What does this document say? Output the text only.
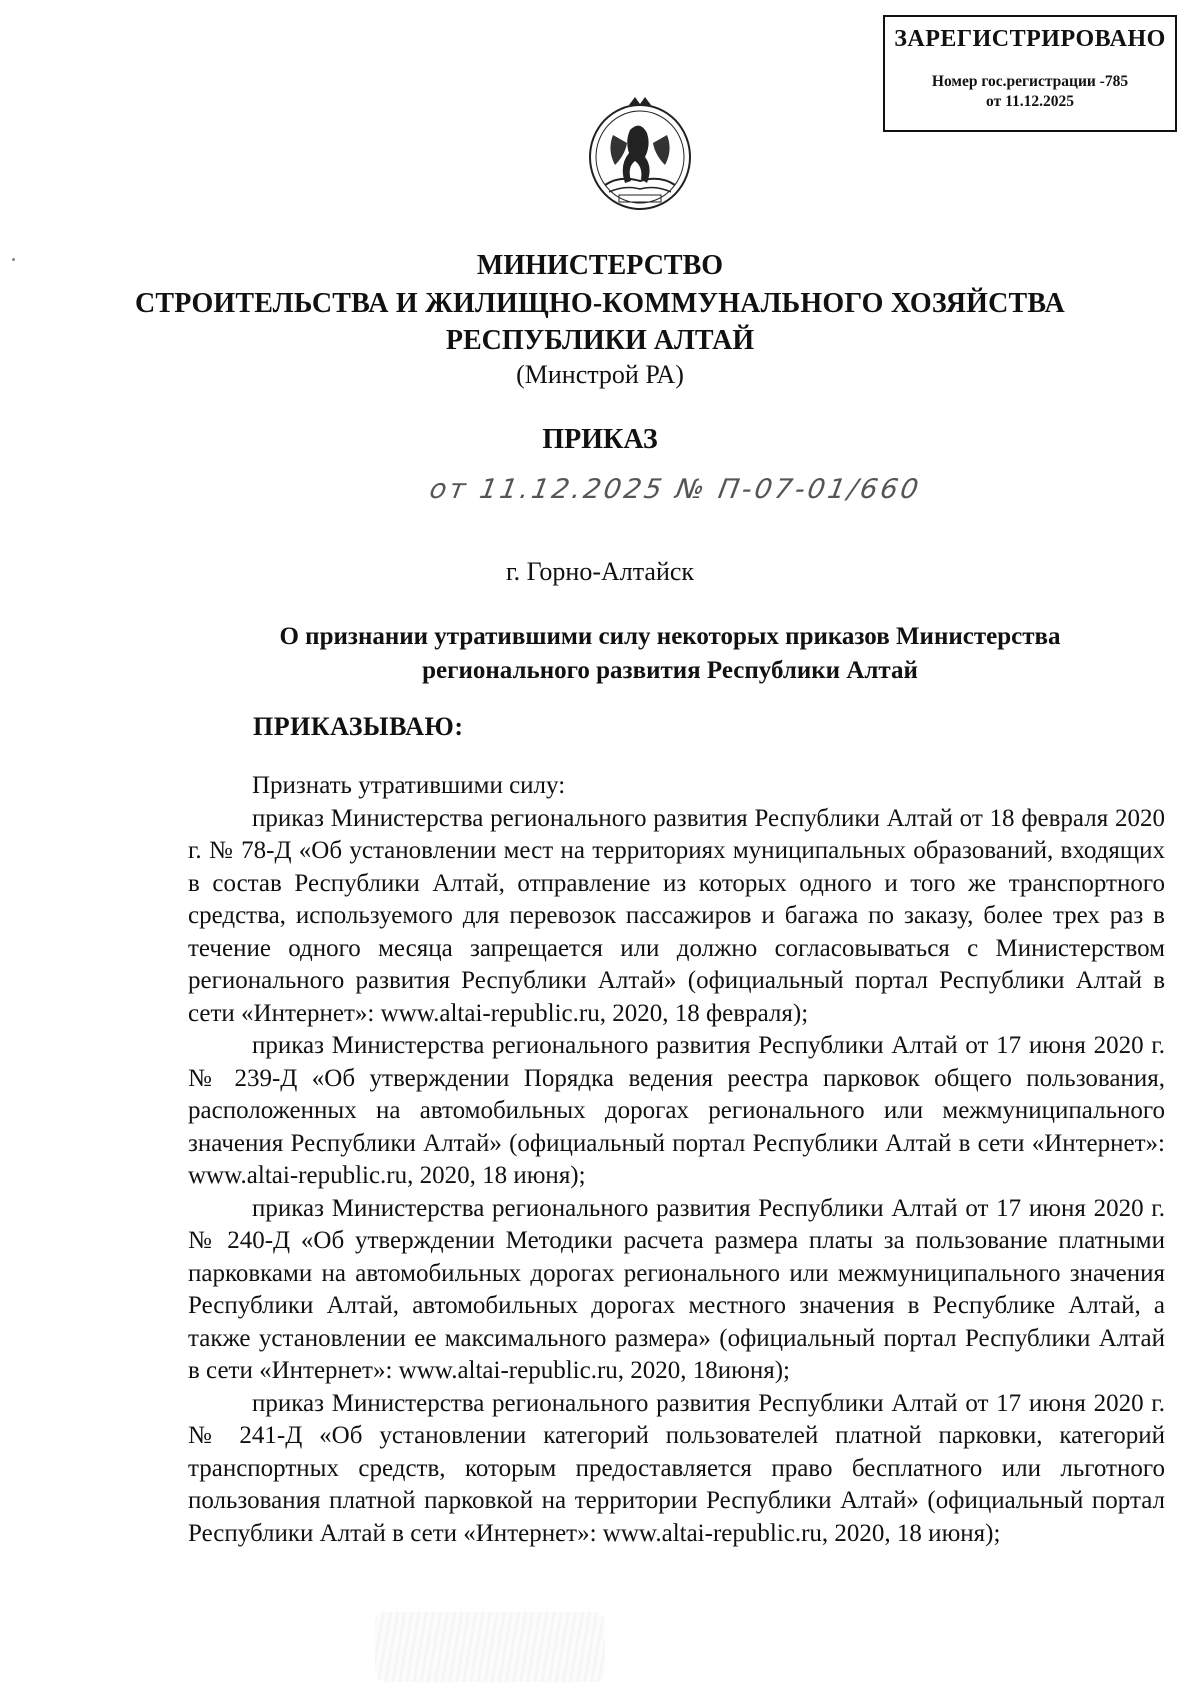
ЗАРЕГИСТРИРОВАНО
Номер гос.регистрации -785
от 11.12.2025
МИНИСТЕРСТВО
СТРОИТЕЛЬСТВА И ЖИЛИЩНО-КОММУНАЛЬНОГО ХОЗЯЙСТВА
РЕСПУБЛИКИ АЛТАЙ
(Минстрой РА)
ПРИКАЗ
от 11.12.2025 № П-07-01/660
г. Горно-Алтайск
О признании утратившими силу некоторых приказов Министерства
регионального развития Республики Алтай
ПРИКАЗЫВАЮ:

Признать утратившими силу:

приказ Министерства регионального развития Республики Алтай от 18 февраля 2020 г. № 78-Д «Об установлении мест на территориях муниципальных образований, входящих в состав Республики Алтай, отправление из которых одного и того же транспортного средства, используемого для перевозок пассажиров и багажа по заказу, более трех раз в течение одного месяца запрещается или должно согласовываться с Министерством регионального развития Республики Алтай» (официальный портал Республики Алтай в сети «Интернет»: www.altai-republic.ru, 2020, 18 февраля);

приказ Министерства регионального развития Республики Алтай от 17 июня 2020 г. № 239-Д «Об утверждении Порядка ведения реестра парковок общего пользования, расположенных на автомобильных дорогах регионального или межмуниципального значения Республики Алтай» (официальный портал Республики Алтай в сети «Интернет»: www.altai-republic.ru, 2020, 18 июня);

приказ Министерства регионального развития Республики Алтай от 17 июня 2020 г. № 240-Д «Об утверждении Методики расчета размера платы за пользование платными парковками на автомобильных дорогах регионального или межмуниципального значения Республики Алтай, автомобильных дорогах местного значения в Республике Алтай, а также установлении ее максимального размера» (официальный портал Республики Алтай в сети «Интернет»: www.altai-republic.ru, 2020, 18июня);

приказ Министерства регионального развития Республики Алтай от 17 июня 2020 г. № 241-Д «Об установлении категорий пользователей платной парковки, категорий транспортных средств, которым предоставляется право бесплатного или льготного пользования платной парковкой на территории Республики Алтай» (официальный портал Республики Алтай в сети «Интернет»: www.altai-republic.ru, 2020, 18 июня);
